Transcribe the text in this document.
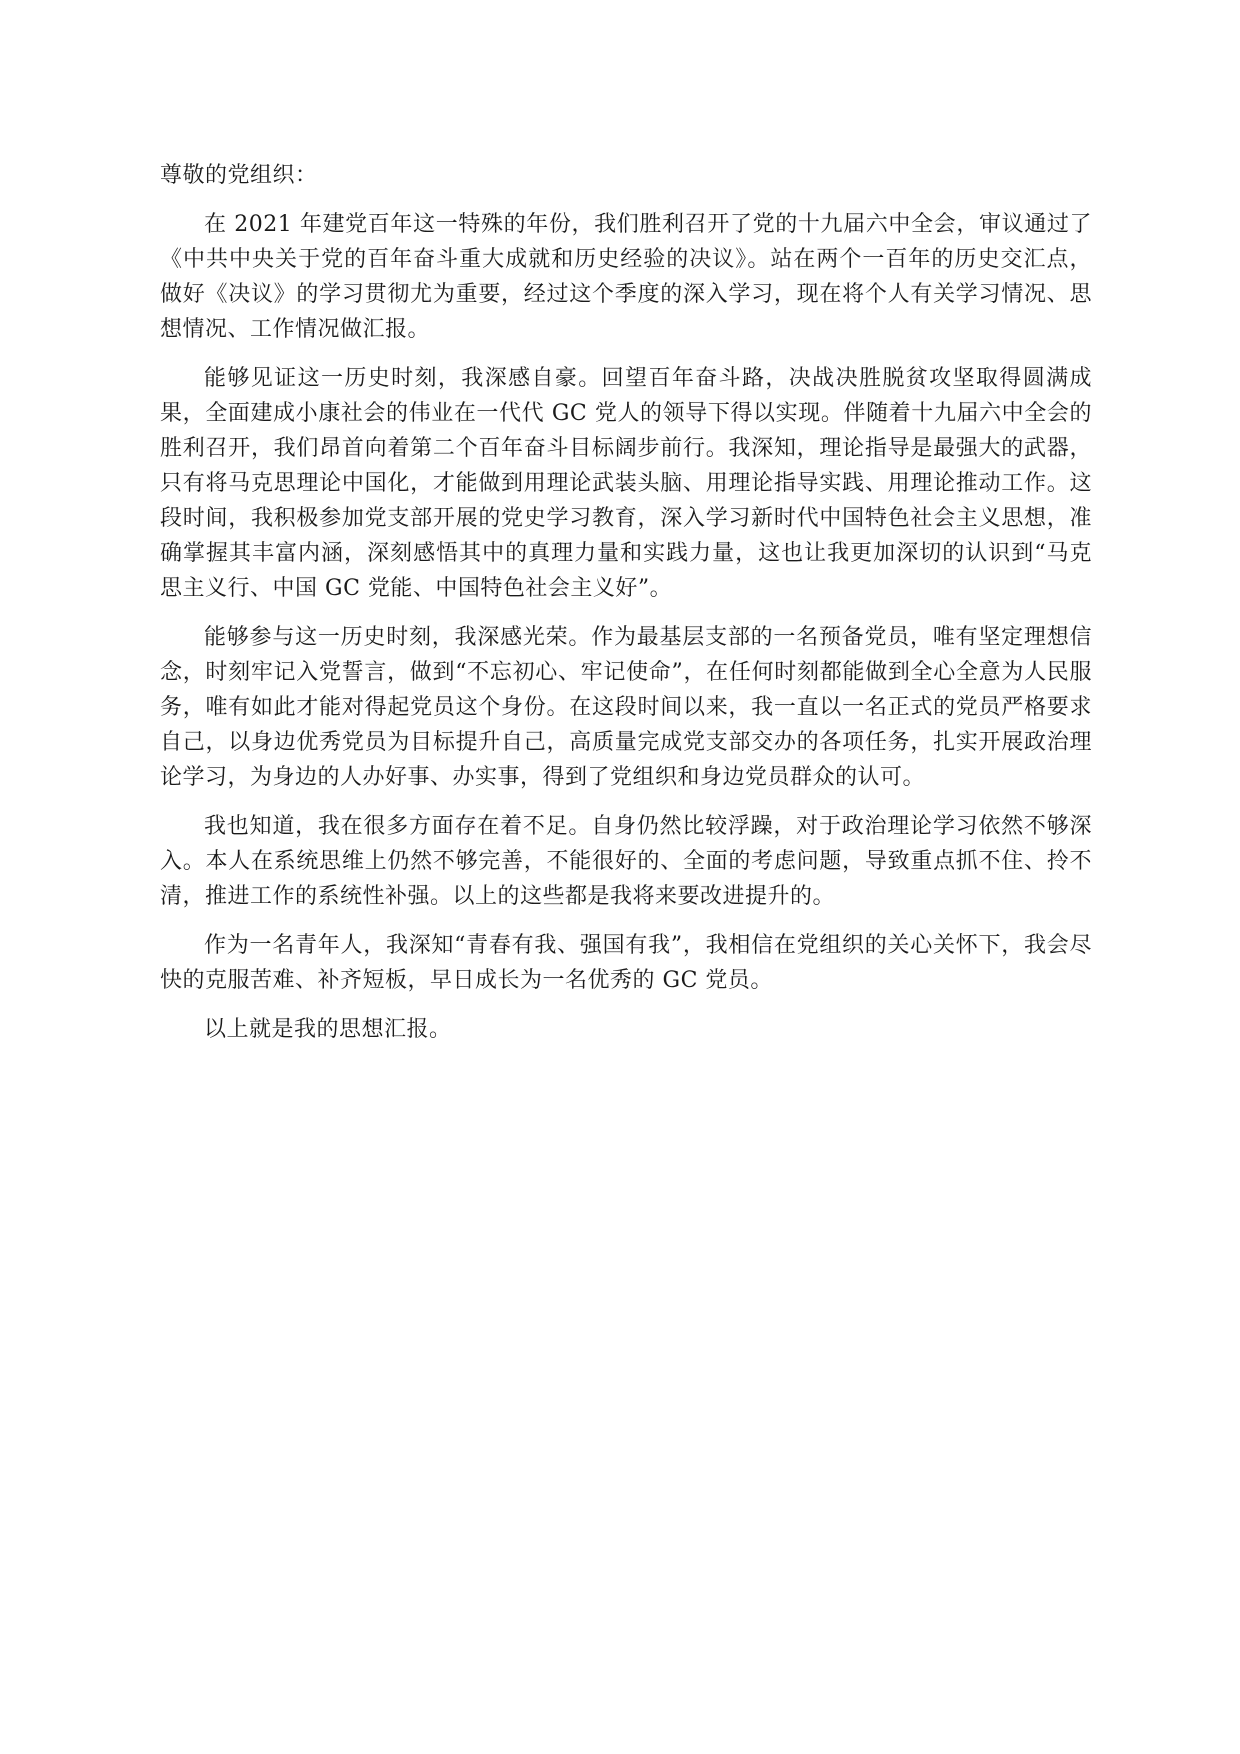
尊敬的党组织：

在 2021 年建党百年这一特殊的年份，我们胜利召开了党的十九届六中全会，审议通过了《中共中央关于党的百年奋斗重大成就和历史经验的决议》。站在两个一百年的历史交汇点，做好《决议》的学习贯彻尤为重要，经过这个季度的深入学习，现在将个人有关学习情况、思想情况、工作情况做汇报。

能够见证这一历史时刻，我深感自豪。回望百年奋斗路，决战决胜脱贫攻坚取得圆满成果，全面建成小康社会的伟业在一代代 GC 党人的领导下得以实现。伴随着十九届六中全会的胜利召开，我们昂首向着第二个百年奋斗目标阔步前行。我深知，理论指导是最强大的武器，只有将马克思理论中国化，才能做到用理论武装头脑、用理论指导实践、用理论推动工作。这段时间，我积极参加党支部开展的党史学习教育，深入学习新时代中国特色社会主义思想，准确掌握其丰富内涵，深刻感悟其中的真理力量和实践力量，这也让我更加深切的认识到“马克思主义行、中国 GC 党能、中国特色社会主义好”。

能够参与这一历史时刻，我深感光荣。作为最基层支部的一名预备党员，唯有坚定理想信念，时刻牢记入党誓言，做到“不忘初心、牢记使命”，在任何时刻都能做到全心全意为人民服务，唯有如此才能对得起党员这个身份。在这段时间以来，我一直以一名正式的党员严格要求自己，以身边优秀党员为目标提升自己，高质量完成党支部交办的各项任务，扎实开展政治理论学习，为身边的人办好事、办实事，得到了党组织和身边党员群众的认可。

我也知道，我在很多方面存在着不足。自身仍然比较浮躁，对于政治理论学习依然不够深入。本人在系统思维上仍然不够完善，不能很好的、全面的考虑问题，导致重点抓不住、拎不清，推进工作的系统性补强。以上的这些都是我将来要改进提升的。

作为一名青年人，我深知“青春有我、强国有我”，我相信在党组织的关心关怀下，我会尽快的克服苦难、补齐短板，早日成长为一名优秀的 GC 党员。

以上就是我的思想汇报。
